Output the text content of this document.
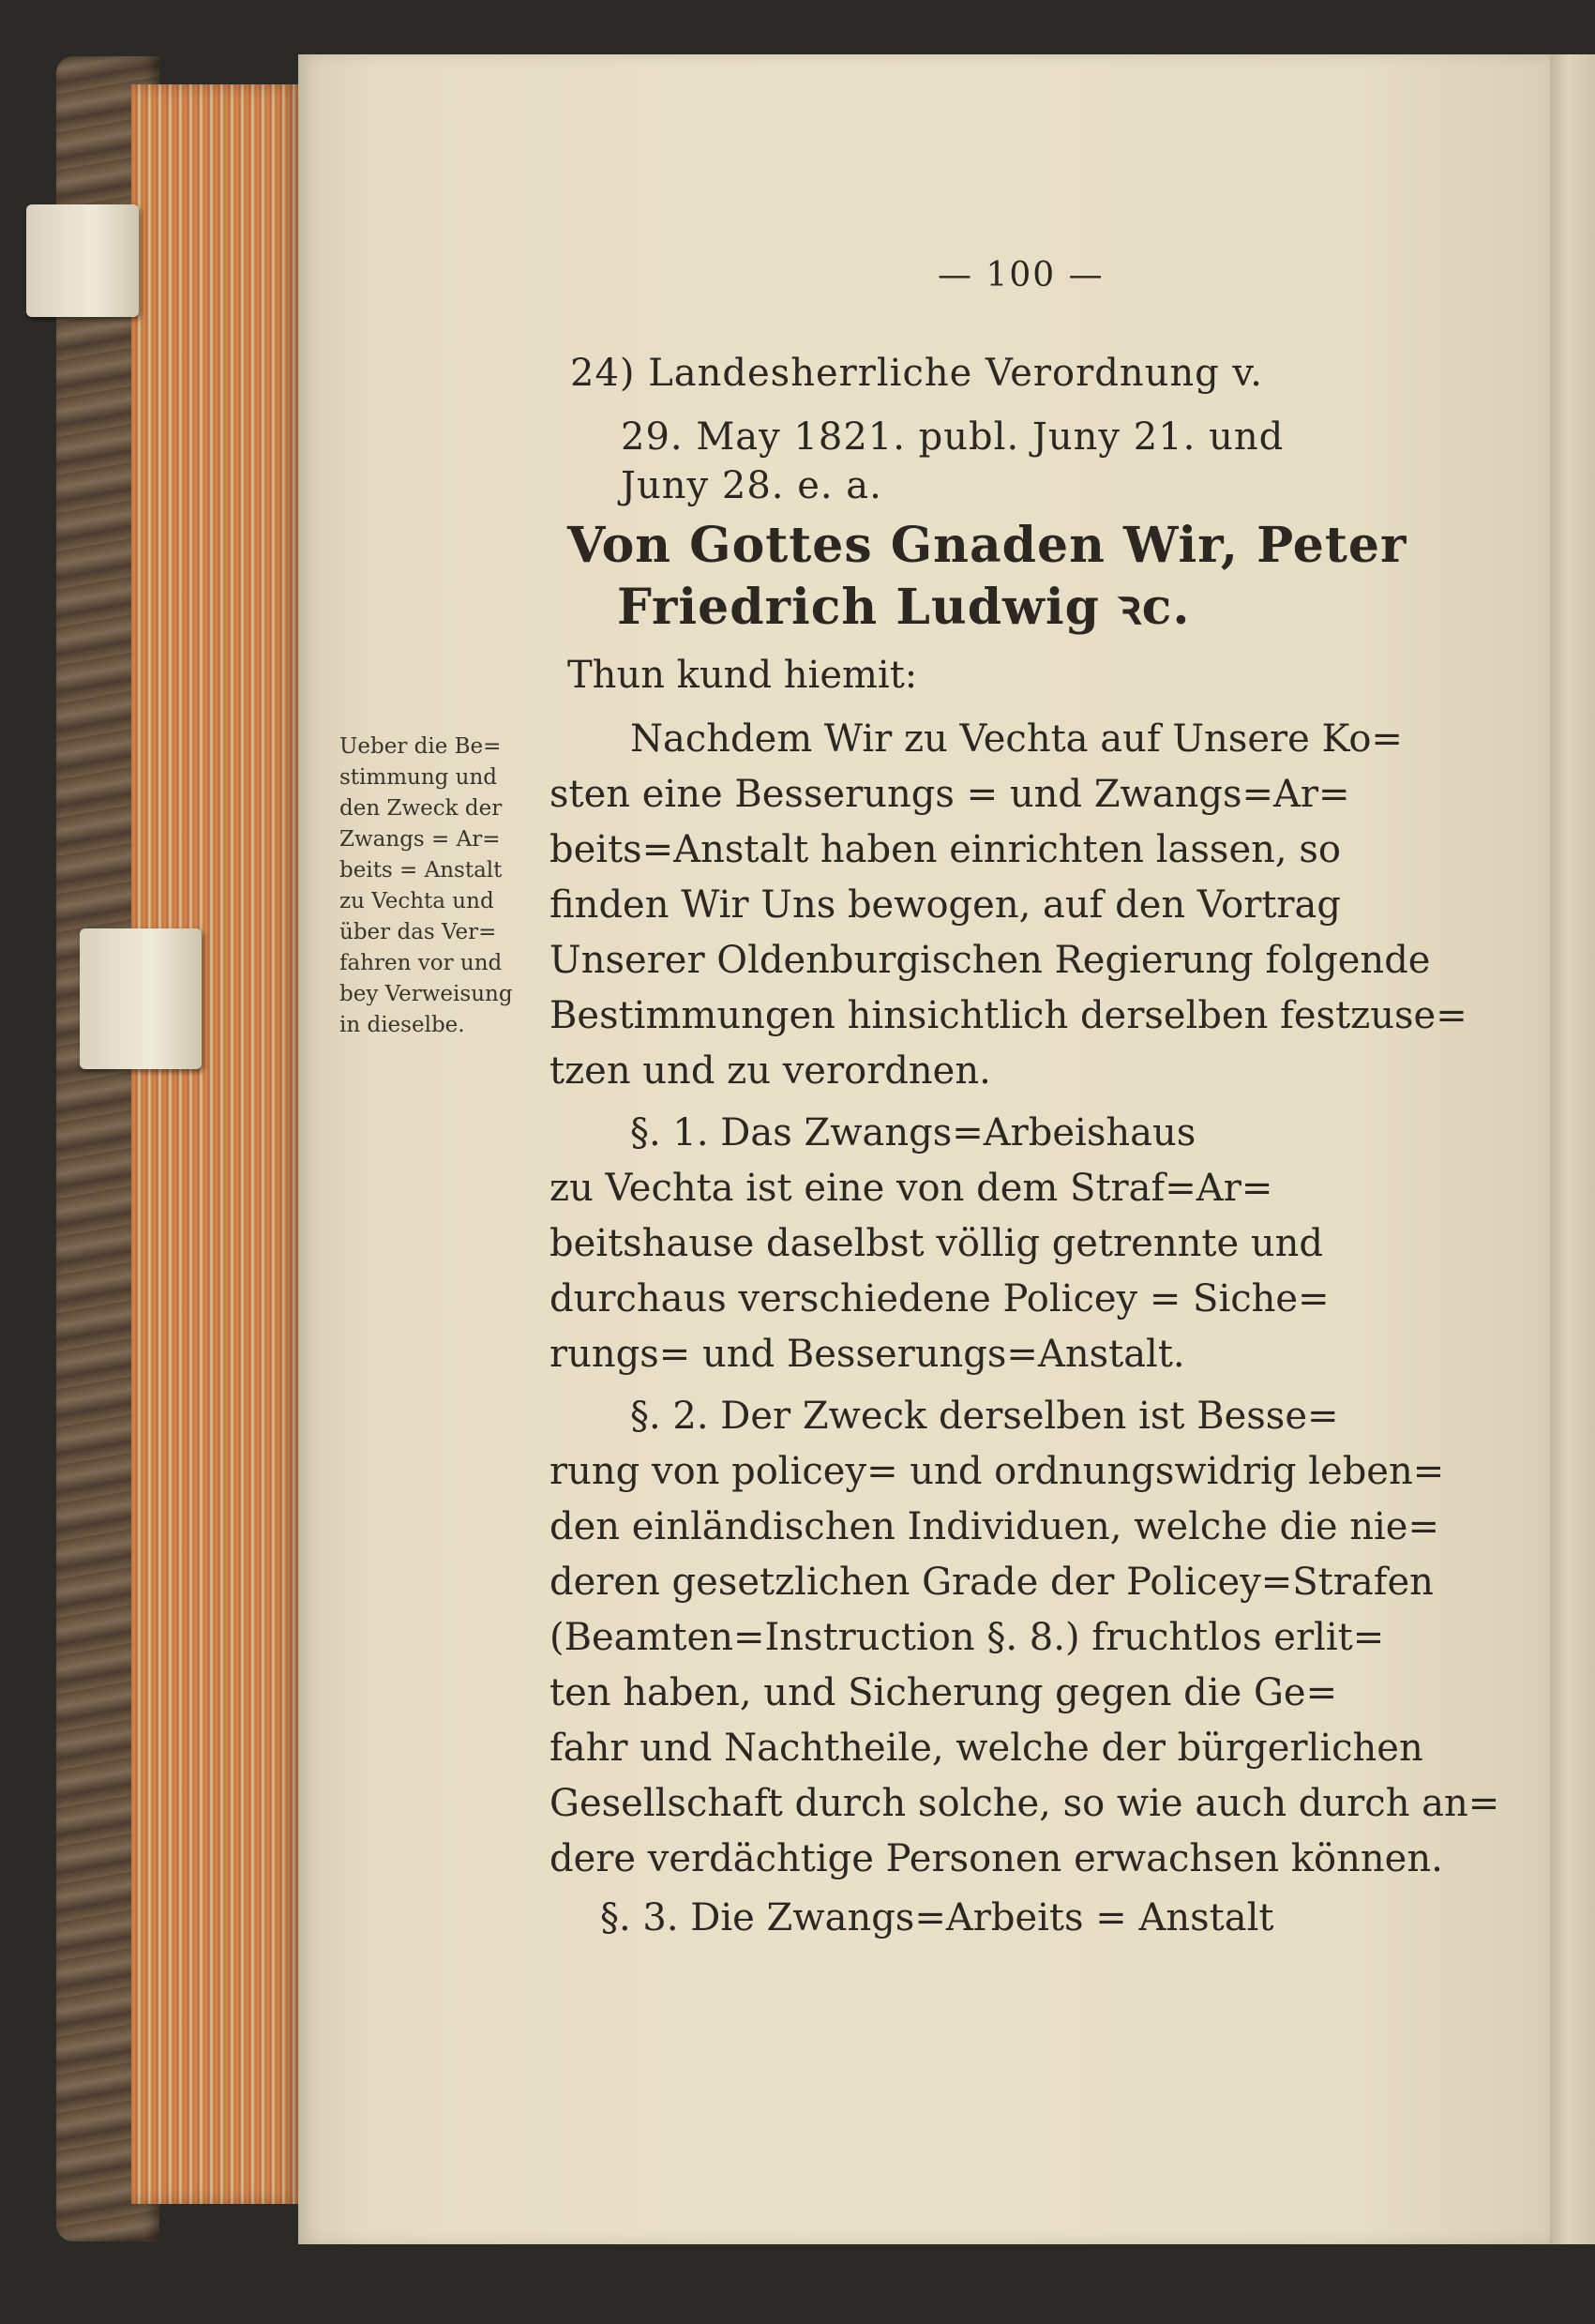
— 100 —
24) Landesherrliche Verordnung v.
29. May 1821. publ. Juny 21. und
Juny 28. e. a.
Von Gottes Gnaden Wir, Peter
Friedrich Ludwig ꝛc.
Thun kund hiemit:
Ueber die Be=
stimmung und
den Zweck der
Zwangs = Ar=
beits = Anstalt
zu Vechta und
über das Ver=
fahren vor und
bey Verweisung
in dieselbe.
Nachdem Wir zu Vechta auf Unsere Ko=
sten eine Besserungs = und Zwangs=Ar=
beits=Anstalt haben einrichten lassen, so
finden Wir Uns bewogen, auf den Vortrag
Unserer Oldenburgischen Regierung folgende
Bestimmungen hinsichtlich derselben festzuse=
tzen und zu verordnen.
§. 1. Das Zwangs=Arbeishaus
zu Vechta ist eine von dem Straf=Ar=
beitshause daselbst völlig getrennte und
durchaus verschiedene Policey = Siche=
rungs= und Besserungs=Anstalt.
§. 2. Der Zweck derselben ist Besse=
rung von policey= und ordnungswidrig leben=
den einländischen Individuen, welche die nie=
deren gesetzlichen Grade der Policey=Strafen
(Beamten=Instruction §. 8.) fruchtlos erlit=
ten haben, und Sicherung gegen die Ge=
fahr und Nachtheile, welche der bürgerlichen
Gesellschaft durch solche, so wie auch durch an=
dere verdächtige Personen erwachsen können.
§. 3. Die Zwangs=Arbeits = Anstalt
